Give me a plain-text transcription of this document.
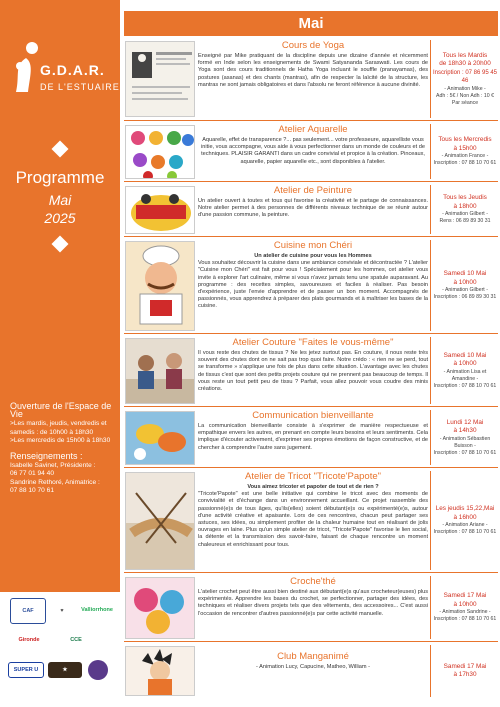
G.D.A.R.
DE L'ESTUAIRE
Programme
Mai
2025
Ouverture de l'Espace de Vie
>Les mardis, jeudis, vendredis et samedis : de 10h00 à 18h30
>Les mercredis de 15h00 à 18h30
Renseignements :
Isabelle Savinet, Présidente :
06 77 01 94 40
Sandrine Rethoré, Animatrice :
07 88 10 70 61
CAF	♥	Valliorrhone
Gironde	CCE
SUPER U	★
Mai
Cours de Yoga

Enseigné par Mike pratiquant de la discipline depuis une dizaine d'année et récemment formé en Inde selon les enseignements de Swami Satyananda Saraswati. Les cours de Yoga sont des cours traditionnels de Hatha Yoga incluant le souffle (pranayamas), des postures (asanas) et des chants (mantras), afin de respecter la laïcité de la structure, les mantras ne sont jamais obligatoires et dans l'absolu ne feront référence à aucune divinité.

Tous les Mardis
de 18h30 à 20h00
Inscription : 07 86 95 45 46
- Animation Mike -
Adh : 5€ / Non Adh : 10 €
Par séance
Atelier Aquarelle
Aquarelle, effet de transparence ?... pas seulement... votre professeure, aquarelliste vous initie, vous accompagne, vous aide à vous perfectionner dans un monde de couleurs et de techniques. PLAISIR GARANTI dans un cadre convivial et propice à la création. Pinceaux, aquarelle, papier aquarelle etc., sont disponibles à l'atelier.
Tous les Mercredis
à 15h00
- Animation France -
Inscription : 07 88 10 70 61
Atelier de Peinture

Un atelier ouvert à toutes et tous qui favorise la créativité et le partage de connaissances. Notre atelier permet à des personnes de différents niveaux technique de se réunir autour d'une passion commune, la peinture.

Tous les Jeudis
à 18h00
- Animation Gilbert -
Rens : 06 89 89 30 31
Cuisine mon Chéri
Un atelier de cuisine pour vous les Hommes

Vous souhaitez découvrir la cuisine dans une ambiance conviviale et décontractée ? L'atelier "Cuisine mon Chéri" est fait pour vous ! Spécialement pour les hommes, cet atelier vous invite à explorer l'art culinaire, même si vous n'avez jamais tenu une spatule auparavant. Au programme : des recettes simples, savoureuses et faciles à réaliser. Pas besoin d'expérience, juste l'envie d'apprendre et de passer un bon moment. Accompagnés de passionnés, vous apprendrez à préparer des plats gourmands et à maîtriser les bases de la cuisine.

Samedi 10 Mai
à 10h00
- Animation Gilbert -
Inscription : 06 89 89 30 31
Atelier Couture "Faites le vous-même"

Il vous reste des chutes de tissus ? Ne les jetez surtout pas. En couture, il nous reste très souvent des chutes dont on ne sait pas trop quoi faire. Notre crédo : « rien ne se perd, tout se transforme » s'applique une fois de plus dans cette situation. L'avantage avec les chutes de tissus c'est que sont des petits projets couture qui ne prennent pas beaucoup de temps. Il vous reste un tout petit peu de tissu ? Parfait, vous allez pouvoir vous coudre des minis créations.

Samedi 10 Mai
à 10h00
- Animation Lisa et Amandine -
Inscription : 07 88 10 70 61
Communication bienveillante

La communication bienveillante consiste à s'exprimer de manière respectueuse et empathique envers les autres, en prenant en compte leurs besoins et leurs sentiments. Cela implique d'écouter activement, d'exprimer ses propres émotions de façon constructive, et de chercher à comprendre l'autre sans jugement.

Lundi 12 Mai
à 14h30
- Animation Sébastien Buisson -
Inscription : 07 88 10 70 61
Atelier de Tricot "Tricote'Papote"
Vous aimez tricoter et papoter de tout et de rien ?

"Tricote'Papote" est une belle initiative qui combine le tricot avec des moments de convivialité et d'échange dans un environnement accueillant. Ce projet rassemble des passionné(e)s de tous âges, qu'ils(elles) soient débutant(e)s ou expérimenté(e)s, autour d'une activité créative et apaisante. Lors de ces rencontres, chacun peut partager ses astuces, ses idées, ou simplement profiter de la chaleur humaine tout en réalisant de jolis ouvrages en laine. Plus qu'un simple atelier de tricot, "Tricote'Papote" favorise le lien social, la détente et la transmission des savoir-faire, faisant de chaque rencontre un moment chaleureux et enrichissant pour tous.

Les jeudis 15,22,Mai
à 16h00
- Animation Ariane -
Inscription : 07 88 10 70 61
Croche'thé

L'atelier crochet peut être aussi bien destiné aux débutant(e)s qu'aux crocheteur(euses) plus expérimentés. Apprendre les bases du crochet, se perfectionner, partager des idées, des techniques et réaliser divers projets tels que des vêtements, des accessoires... C'est aussi l'occasion de rencontrer d'autres passionné(e)s par cette activité manuelle.

Samedi 17 Mai
à 10h00
- Animation Sandrine -
Inscription : 07 88 10 70 61
Club Manganimé
- Animation Lucy, Capucine, Matheo, William -	Samedi 17 Mai
à 17h30
